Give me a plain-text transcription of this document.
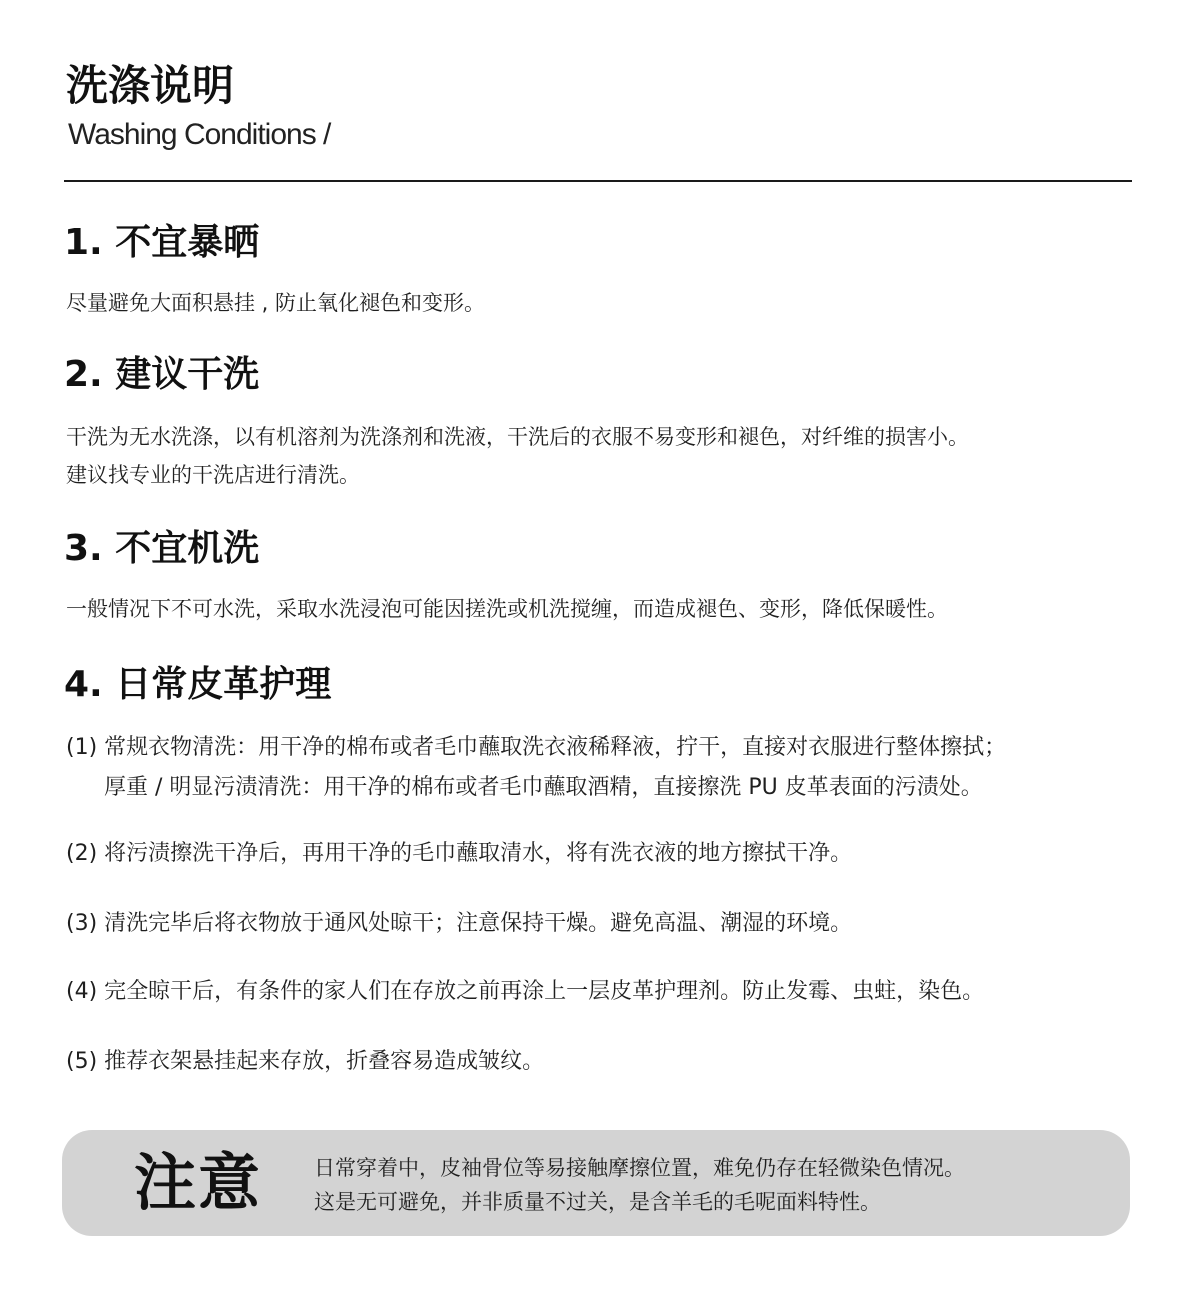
洗涤说明
Washing Conditions /
1. 不宜暴晒
尽量避免大面积悬挂 , 防止氧化褪色和变形。
2. 建议干洗
干洗为无水洗涤，以有机溶剂为洗涤剂和洗液，干洗后的衣服不易变形和褪色，对纤维的损害小。
建议找专业的干洗店进行清洗。
3. 不宜机洗
一般情况下不可水洗，采取水洗浸泡可能因搓洗或机洗搅缠，而造成褪色、变形，降低保暖性。
4. 日常皮革护理
(1) 常规衣物清洗：用干净的棉布或者毛巾蘸取洗衣液稀释液，拧干，直接对衣服进行整体擦拭；
厚重 / 明显污渍清洗：用干净的棉布或者毛巾蘸取酒精，直接擦洗 PU 皮革表面的污渍处。
(2) 将污渍擦洗干净后，再用干净的毛巾蘸取清水，将有洗衣液的地方擦拭干净。
(3) 清洗完毕后将衣物放于通风处晾干；注意保持干燥。避免高温、潮湿的环境。
(4) 完全晾干后，有条件的家人们在存放之前再涂上一层皮革护理剂。防止发霉、虫蛀，染色。
(5) 推荐衣架悬挂起来存放，折叠容易造成皱纹。
注意 日常穿着中，皮袖骨位等易接触摩擦位置，难免仍存在轻微染色情况。
这是无可避免，并非质量不过关，是含羊毛的毛呢面料特性。
